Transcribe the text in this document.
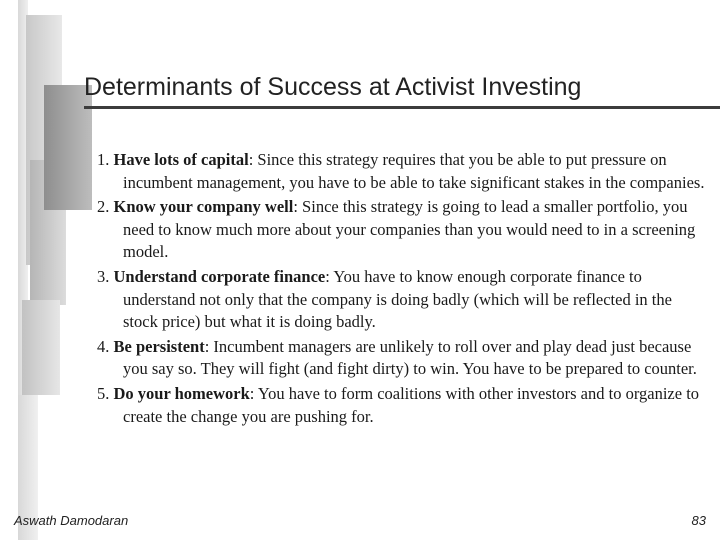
Determinants of Success at Activist Investing
1. Have lots of capital: Since this strategy requires that you be able to put pressure on incumbent management, you have to be able to take significant stakes in the companies.
2. Know your company well: Since this strategy is going to lead a smaller portfolio, you need to know much more about your companies than you would need to in a screening model.
3. Understand corporate finance: You have to know enough corporate finance to understand not only that the company is doing badly (which will be reflected in the stock price) but what it is doing badly.
4. Be persistent: Incumbent managers are unlikely to roll over and play dead just because you say so. They will fight (and fight dirty) to win. You have to be prepared to counter.
5. Do your homework: You have to form coalitions with other investors and to organize to create the change you are pushing for.
Aswath Damodaran	83
